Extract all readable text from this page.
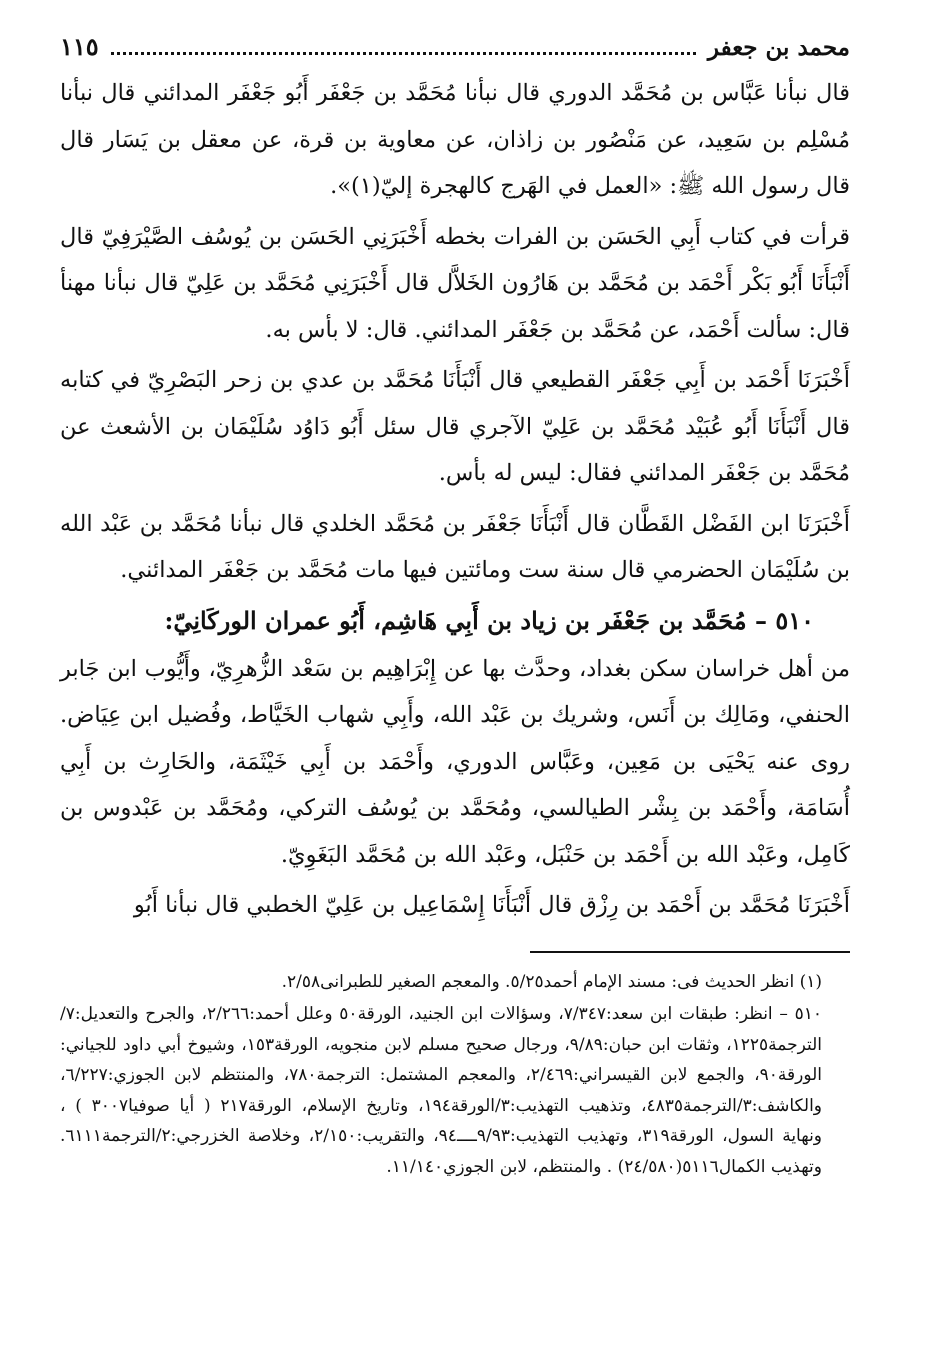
محمد بن جعفر
١١٥

قال نبأنا عَبَّاس بن مُحَمَّد الدوري قال نبأنا مُحَمَّد بن جَعْفَر أَبُو جَعْفَر المدائني قال نبأنا مُسْلِم بن سَعِيد، عن مَنْصُور بن زاذان، عن معاوية بن قرة، عن معقل بن يَسَار قال قال رسول الله ﷺ: «العمل في الهَرج كالهجرة إليّ(١)».

قرأت في كتاب أَبِي الحَسَن بن الفرات بخطه أَخْبَرَنِي الحَسَن بن يُوسُف الصَّيْرَفِيّ قال أَنْبَأَنَا أَبُو بَكْر أَحْمَد بن مُحَمَّد بن هَارُون الخَلاَّل قال أَخْبَرَنِي مُحَمَّد بن عَلِيّ قال نبأنا مهنأ قال: سألت أَحْمَد، عن مُحَمَّد بن جَعْفَر المدائني. قال: لا بأس به.

أَخْبَرَنَا أَحْمَد بن أَبِي جَعْفَر القطيعي قال أَنْبَأَنَا مُحَمَّد بن عدي بن زحر البَصْرِيّ في كتابه قال أَنْبَأَنَا أَبُو عُبَيْد مُحَمَّد بن عَلِيّ الآجري قال سئل أَبُو دَاوُد سُلَيْمَان بن الأشعث عن مُحَمَّد بن جَعْفَر المدائني فقال: ليس له بأس.

أَخْبَرَنَا ابن الفَضْل القَطَّان قال أَنْبَأَنَا جَعْفَر بن مُحَمَّد الخلدي قال نبأنا مُحَمَّد بن عَبْد الله بن سُلَيْمَان الحضرمي قال سنة ست ومائتين فيها مات مُحَمَّد بن جَعْفَر المدائني.

٥١٠ – مُحَمَّد بن جَعْفَر بن زياد بن أَبِي هَاشِم، أَبُو عمران الوركَانِيّ:

من أهل خراسان سكن بغداد، وحدَّث بها عن إِبْرَاهِيم بن سَعْد الزُّهرِيّ، وأَيُّوب ابن جَابر الحنفي، ومَالِك بن أَنَس، وشريك بن عَبْد الله، وأَبِي شهاب الخَيَّاط، وفُضيل ابن عِيَاض. روى عنه يَحْيَى بن مَعِين، وعَبَّاس الدوري، وأَحْمَد بن أَبِي خَيْثَمَة، والحَارِث بن أَبِي أُسَامَة، وأَحْمَد بن بِشْر الطيالسي، ومُحَمَّد بن يُوسُف التركي، ومُحَمَّد بن عَبْدوس بن كَامِل، وعَبْد الله بن أَحْمَد بن حَنْبَل، وعَبْد الله بن مُحَمَّد البَغَوِيّ.

أَخْبَرَنَا مُحَمَّد بن أَحْمَد بن رِزْق قال أَنْبَأَنَا إِسْمَاعِيل بن عَلِيّ الخطبي قال نبأنا أَبُو

(١) انظر الحديث فى: مسند الإمام أحمد٥/٢٥. والمعجم الصغير للطبرانى٢/٥٨.

٥١٠ – انظر: طبقات ابن سعد:٧/٣٤٧، وسؤالات ابن الجنيد، الورقة٥٠ وعلل أحمد:٢/٢٦٦، والجرح والتعديل:٧/الترجمة١٢٢٥، وثقات ابن حبان:٩/٨٩، ورجال صحيح مسلم لابن منجويه، الورقة١٥٣، وشيوخ أبي داود للجياني: الورقة٩٠، والجمع لابن القيسراني:٢/٤٦٩، والمعجم المشتمل: الترجمة٧٨٠، والمنتظم لابن الجوزي:٦/٢٢٧، والكاشف:٣/الترجمة٤٨٣٥، وتذهيب التهذيب:٣/الورقة١٩٤، وتاريخ الإسلام، الورقة٢١٧ ( أيا صوفيا٣٠٠٧ ) ، ونهاية السول، الورقة٣١٩، وتهذيب التهذيب:٩/٩٣ــــ٩٤، والتقريب:٢/١٥٠، وخلاصة الخزرجي:٢/الترجمة٦١١١. وتهذيب الكمال٥١١٦(٢٤/٥٨٠) . والمنتظم، لابن الجوزي١١/١٤٠.
